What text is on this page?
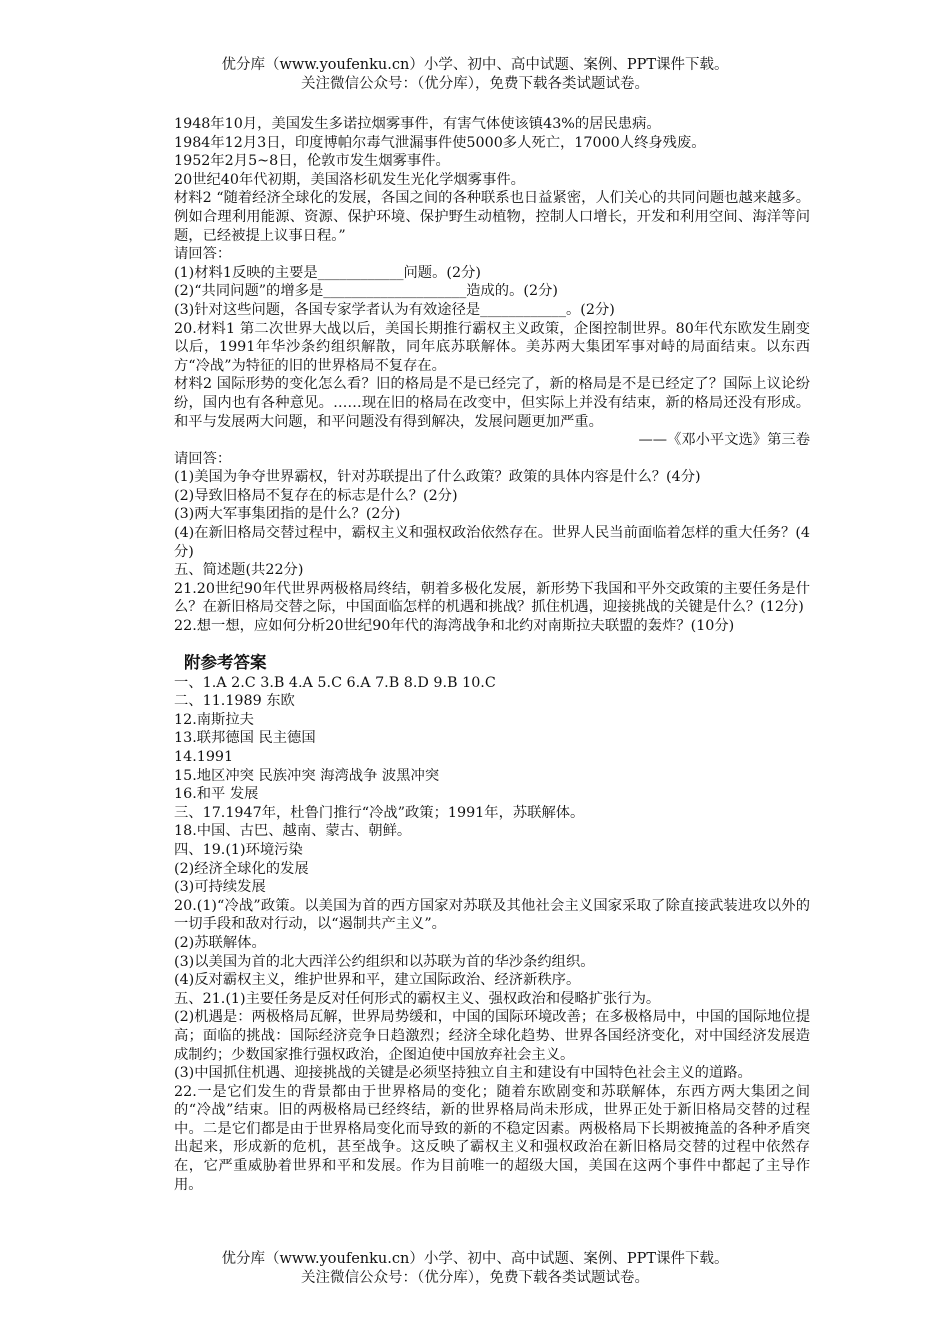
优分库（www.youfenku.cn）小学、初中、高中试题、案例、PPT课件下载。
关注微信公众号：（优分库），免费下载各类试题试卷。

1948年10月，美国发生多诺拉烟雾事件，有害气体使该镇43%的居民患病。

1984年12月3日，印度博帕尔毒气泄漏事件使5000多人死亡，17000人终身残废。

1952年2月5~8日，伦敦市发生烟雾事件。

20世纪40年代初期，美国洛杉矶发生光化学烟雾事件。

材料2 “随着经济全球化的发展，各国之间的各种联系也日益紧密，人们关心的共同问题也越来越多。例如合理利用能源、资源、保护环境、保护野生动植物，控制人口增长，开发和利用空间、海洋等问题，已经被提上议事日程。”

请回答：

(1)材料1反映的主要是____________问题。(2分)

(2)“共同问题”的增多是____________________造成的。(2分)

(3)针对这些问题，各国专家学者认为有效途径是____________。(2分)

20.材料1 第二次世界大战以后，美国长期推行霸权主义政策，企图控制世界。80年代东欧发生剧变以后，1991年华沙条约组织解散，同年底苏联解体。美苏两大集团军事对峙的局面结束。以东西方“冷战”为特征的旧的世界格局不复存在。

材料2 国际形势的变化怎么看？旧的格局是不是已经完了，新的格局是不是已经定了？国际上议论纷纷，国内也有各种意见。……现在旧的格局在改变中，但实际上并没有结束，新的格局还没有形成。和平与发展两大问题，和平问题没有得到解决，发展问题更加严重。

——《邓小平文选》第三卷

请回答：

(1)美国为争夺世界霸权，针对苏联提出了什么政策？政策的具体内容是什么？(4分)

(2)导致旧格局不复存在的标志是什么？(2分)

(3)两大军事集团指的是什么？(2分)

(4)在新旧格局交替过程中，霸权主义和强权政治依然存在。世界人民当前面临着怎样的重大任务？(4分)

五、简述题(共22分)

21.20世纪90年代世界两极格局终结，朝着多极化发展，新形势下我国和平外交政策的主要任务是什么？在新旧格局交替之际，中国面临怎样的机遇和挑战？抓住机遇，迎接挑战的关键是什么？(12分)

22.想一想，应如何分析20世纪90年代的海湾战争和北约对南斯拉夫联盟的轰炸？(10分)

附参考答案

一、1.A 2.C 3.B 4.A 5.C 6.A 7.B 8.D 9.B 10.C

二、11.1989 东欧

12.南斯拉夫

13.联邦德国 民主德国

14.1991

15.地区冲突 民族冲突 海湾战争 波黑冲突

16.和平 发展

三、17.1947年，杜鲁门推行“冷战”政策；1991年，苏联解体。

18.中国、古巴、越南、蒙古、朝鲜。

四、19.(1)环境污染

(2)经济全球化的发展

(3)可持续发展

20.(1)“冷战”政策。以美国为首的西方国家对苏联及其他社会主义国家采取了除直接武装进攻以外的一切手段和敌对行动，以“遏制共产主义”。

(2)苏联解体。

(3)以美国为首的北大西洋公约组织和以苏联为首的华沙条约组织。

(4)反对霸权主义，维护世界和平，建立国际政治、经济新秩序。

五、21.(1)主要任务是反对任何形式的霸权主义、强权政治和侵略扩张行为。

(2)机遇是：两极格局瓦解，世界局势缓和，中国的国际环境改善；在多极格局中，中国的国际地位提高；面临的挑战：国际经济竞争日趋激烈；经济全球化趋势、世界各国经济变化，对中国经济发展造成制约；少数国家推行强权政治，企图迫使中国放弃社会主义。

(3)中国抓住机遇、迎接挑战的关键是必须坚持独立自主和建设有中国特色社会主义的道路。

22.一是它们发生的背景都由于世界格局的变化；随着东欧剧变和苏联解体，东西方两大集团之间的“冷战”结束。旧的两极格局已经终结，新的世界格局尚未形成，世界正处于新旧格局交替的过程中。二是它们都是由于世界格局变化而导致的新的不稳定因素。两极格局下长期被掩盖的各种矛盾突出起来，形成新的危机，甚至战争。这反映了霸权主义和强权政治在新旧格局交替的过程中依然存在，它严重威胁着世界和平和发展。作为目前唯一的超级大国，美国在这两个事件中都起了主导作用。

优分库（www.youfenku.cn）小学、初中、高中试题、案例、PPT课件下载。
关注微信公众号：（优分库），免费下载各类试题试卷。
